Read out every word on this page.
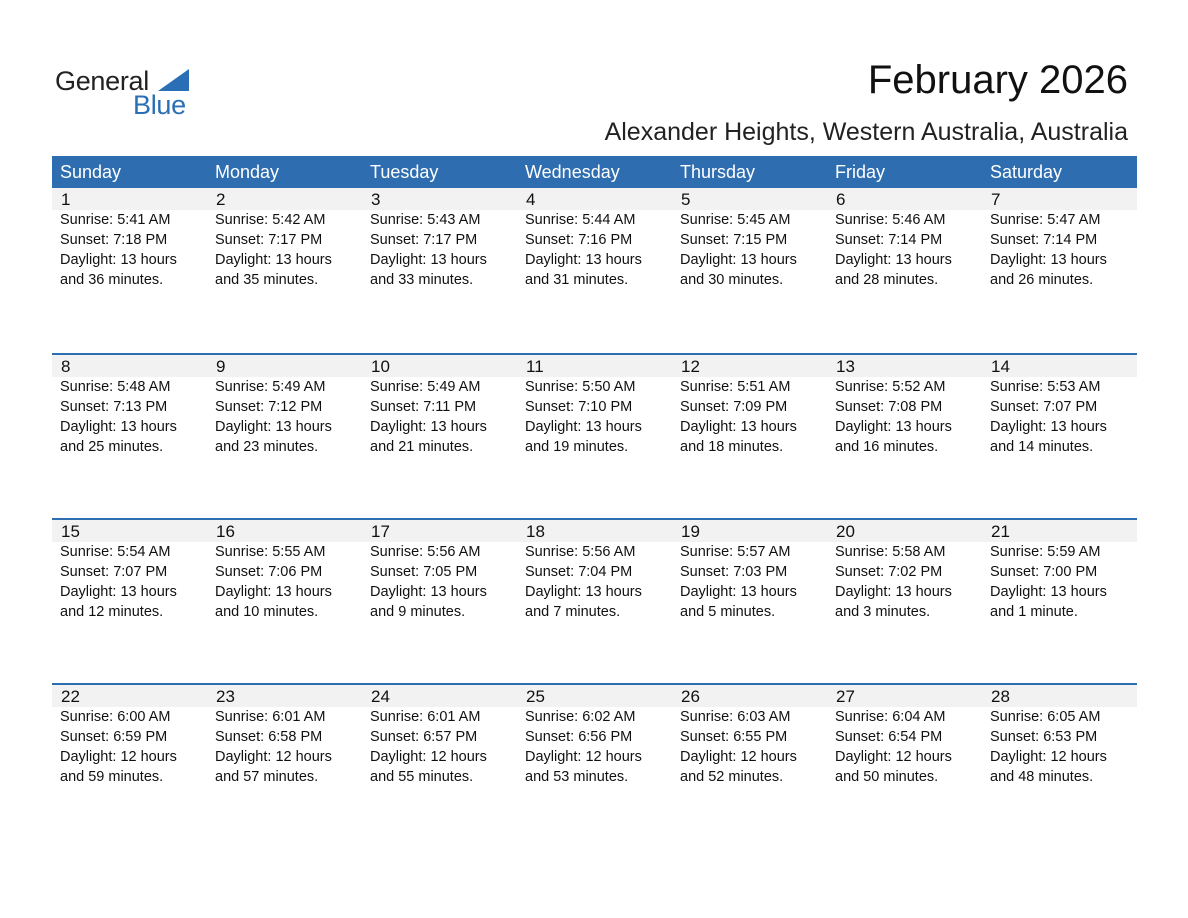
General
Blue
February 2026
Alexander Heights, Western Australia, Australia
Sunday	Monday	Tuesday	Wednesday	Thursday	Friday	Saturday
1	2	3	4	5	6	7
Sunrise: 5:41 AM
Sunset: 7:18 PM
Daylight: 13 hours
and 36 minutes.
Sunrise: 5:42 AM
Sunset: 7:17 PM
Daylight: 13 hours
and 35 minutes.
Sunrise: 5:43 AM
Sunset: 7:17 PM
Daylight: 13 hours
and 33 minutes.
Sunrise: 5:44 AM
Sunset: 7:16 PM
Daylight: 13 hours
and 31 minutes.
Sunrise: 5:45 AM
Sunset: 7:15 PM
Daylight: 13 hours
and 30 minutes.
Sunrise: 5:46 AM
Sunset: 7:14 PM
Daylight: 13 hours
and 28 minutes.
Sunrise: 5:47 AM
Sunset: 7:14 PM
Daylight: 13 hours
and 26 minutes.
8	9	10	11	12	13	14
Sunrise: 5:48 AM
Sunset: 7:13 PM
Daylight: 13 hours
and 25 minutes.
Sunrise: 5:49 AM
Sunset: 7:12 PM
Daylight: 13 hours
and 23 minutes.
Sunrise: 5:49 AM
Sunset: 7:11 PM
Daylight: 13 hours
and 21 minutes.
Sunrise: 5:50 AM
Sunset: 7:10 PM
Daylight: 13 hours
and 19 minutes.
Sunrise: 5:51 AM
Sunset: 7:09 PM
Daylight: 13 hours
and 18 minutes.
Sunrise: 5:52 AM
Sunset: 7:08 PM
Daylight: 13 hours
and 16 minutes.
Sunrise: 5:53 AM
Sunset: 7:07 PM
Daylight: 13 hours
and 14 minutes.
15	16	17	18	19	20	21
Sunrise: 5:54 AM
Sunset: 7:07 PM
Daylight: 13 hours
and 12 minutes.
Sunrise: 5:55 AM
Sunset: 7:06 PM
Daylight: 13 hours
and 10 minutes.
Sunrise: 5:56 AM
Sunset: 7:05 PM
Daylight: 13 hours
and 9 minutes.
Sunrise: 5:56 AM
Sunset: 7:04 PM
Daylight: 13 hours
and 7 minutes.
Sunrise: 5:57 AM
Sunset: 7:03 PM
Daylight: 13 hours
and 5 minutes.
Sunrise: 5:58 AM
Sunset: 7:02 PM
Daylight: 13 hours
and 3 minutes.
Sunrise: 5:59 AM
Sunset: 7:00 PM
Daylight: 13 hours
and 1 minute.
22	23	24	25	26	27	28
Sunrise: 6:00 AM
Sunset: 6:59 PM
Daylight: 12 hours
and 59 minutes.
Sunrise: 6:01 AM
Sunset: 6:58 PM
Daylight: 12 hours
and 57 minutes.
Sunrise: 6:01 AM
Sunset: 6:57 PM
Daylight: 12 hours
and 55 minutes.
Sunrise: 6:02 AM
Sunset: 6:56 PM
Daylight: 12 hours
and 53 minutes.
Sunrise: 6:03 AM
Sunset: 6:55 PM
Daylight: 12 hours
and 52 minutes.
Sunrise: 6:04 AM
Sunset: 6:54 PM
Daylight: 12 hours
and 50 minutes.
Sunrise: 6:05 AM
Sunset: 6:53 PM
Daylight: 12 hours
and 48 minutes.
